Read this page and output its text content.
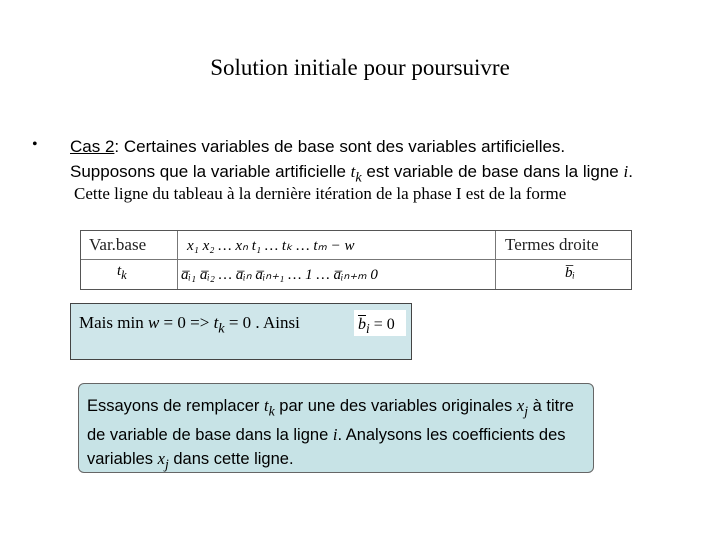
Solution initiale pour poursuivre
• Cas 2: Certaines variables de base sont des variables artificielles.
Supposons que la variable artificielle $t_k$ est variable de base dans la ligne i.
Cette ligne du tableau à la dernière itération de la phase I est de la forme
Var.base	x₁ x₂ … xₙ t₁ … tₖ … tₘ − w	Termes droite
$t_k$	a̅ᵢ₁ a̅ᵢ₂ … a̅ᵢₙ a̅ᵢₙ₊₁ … 1 … a̅ᵢₙ₊ₘ 0	b̅ᵢ
Mais $\min w = 0 => t_k = 0$ . Ainsi	$\overline{b}_i = 0$
Essayons de remplacer $t_k$ par une des variables originales $x_j$ à titre de variable de base dans la ligne i. Analysons les coefficients des variables $x_j$ dans cette ligne.
